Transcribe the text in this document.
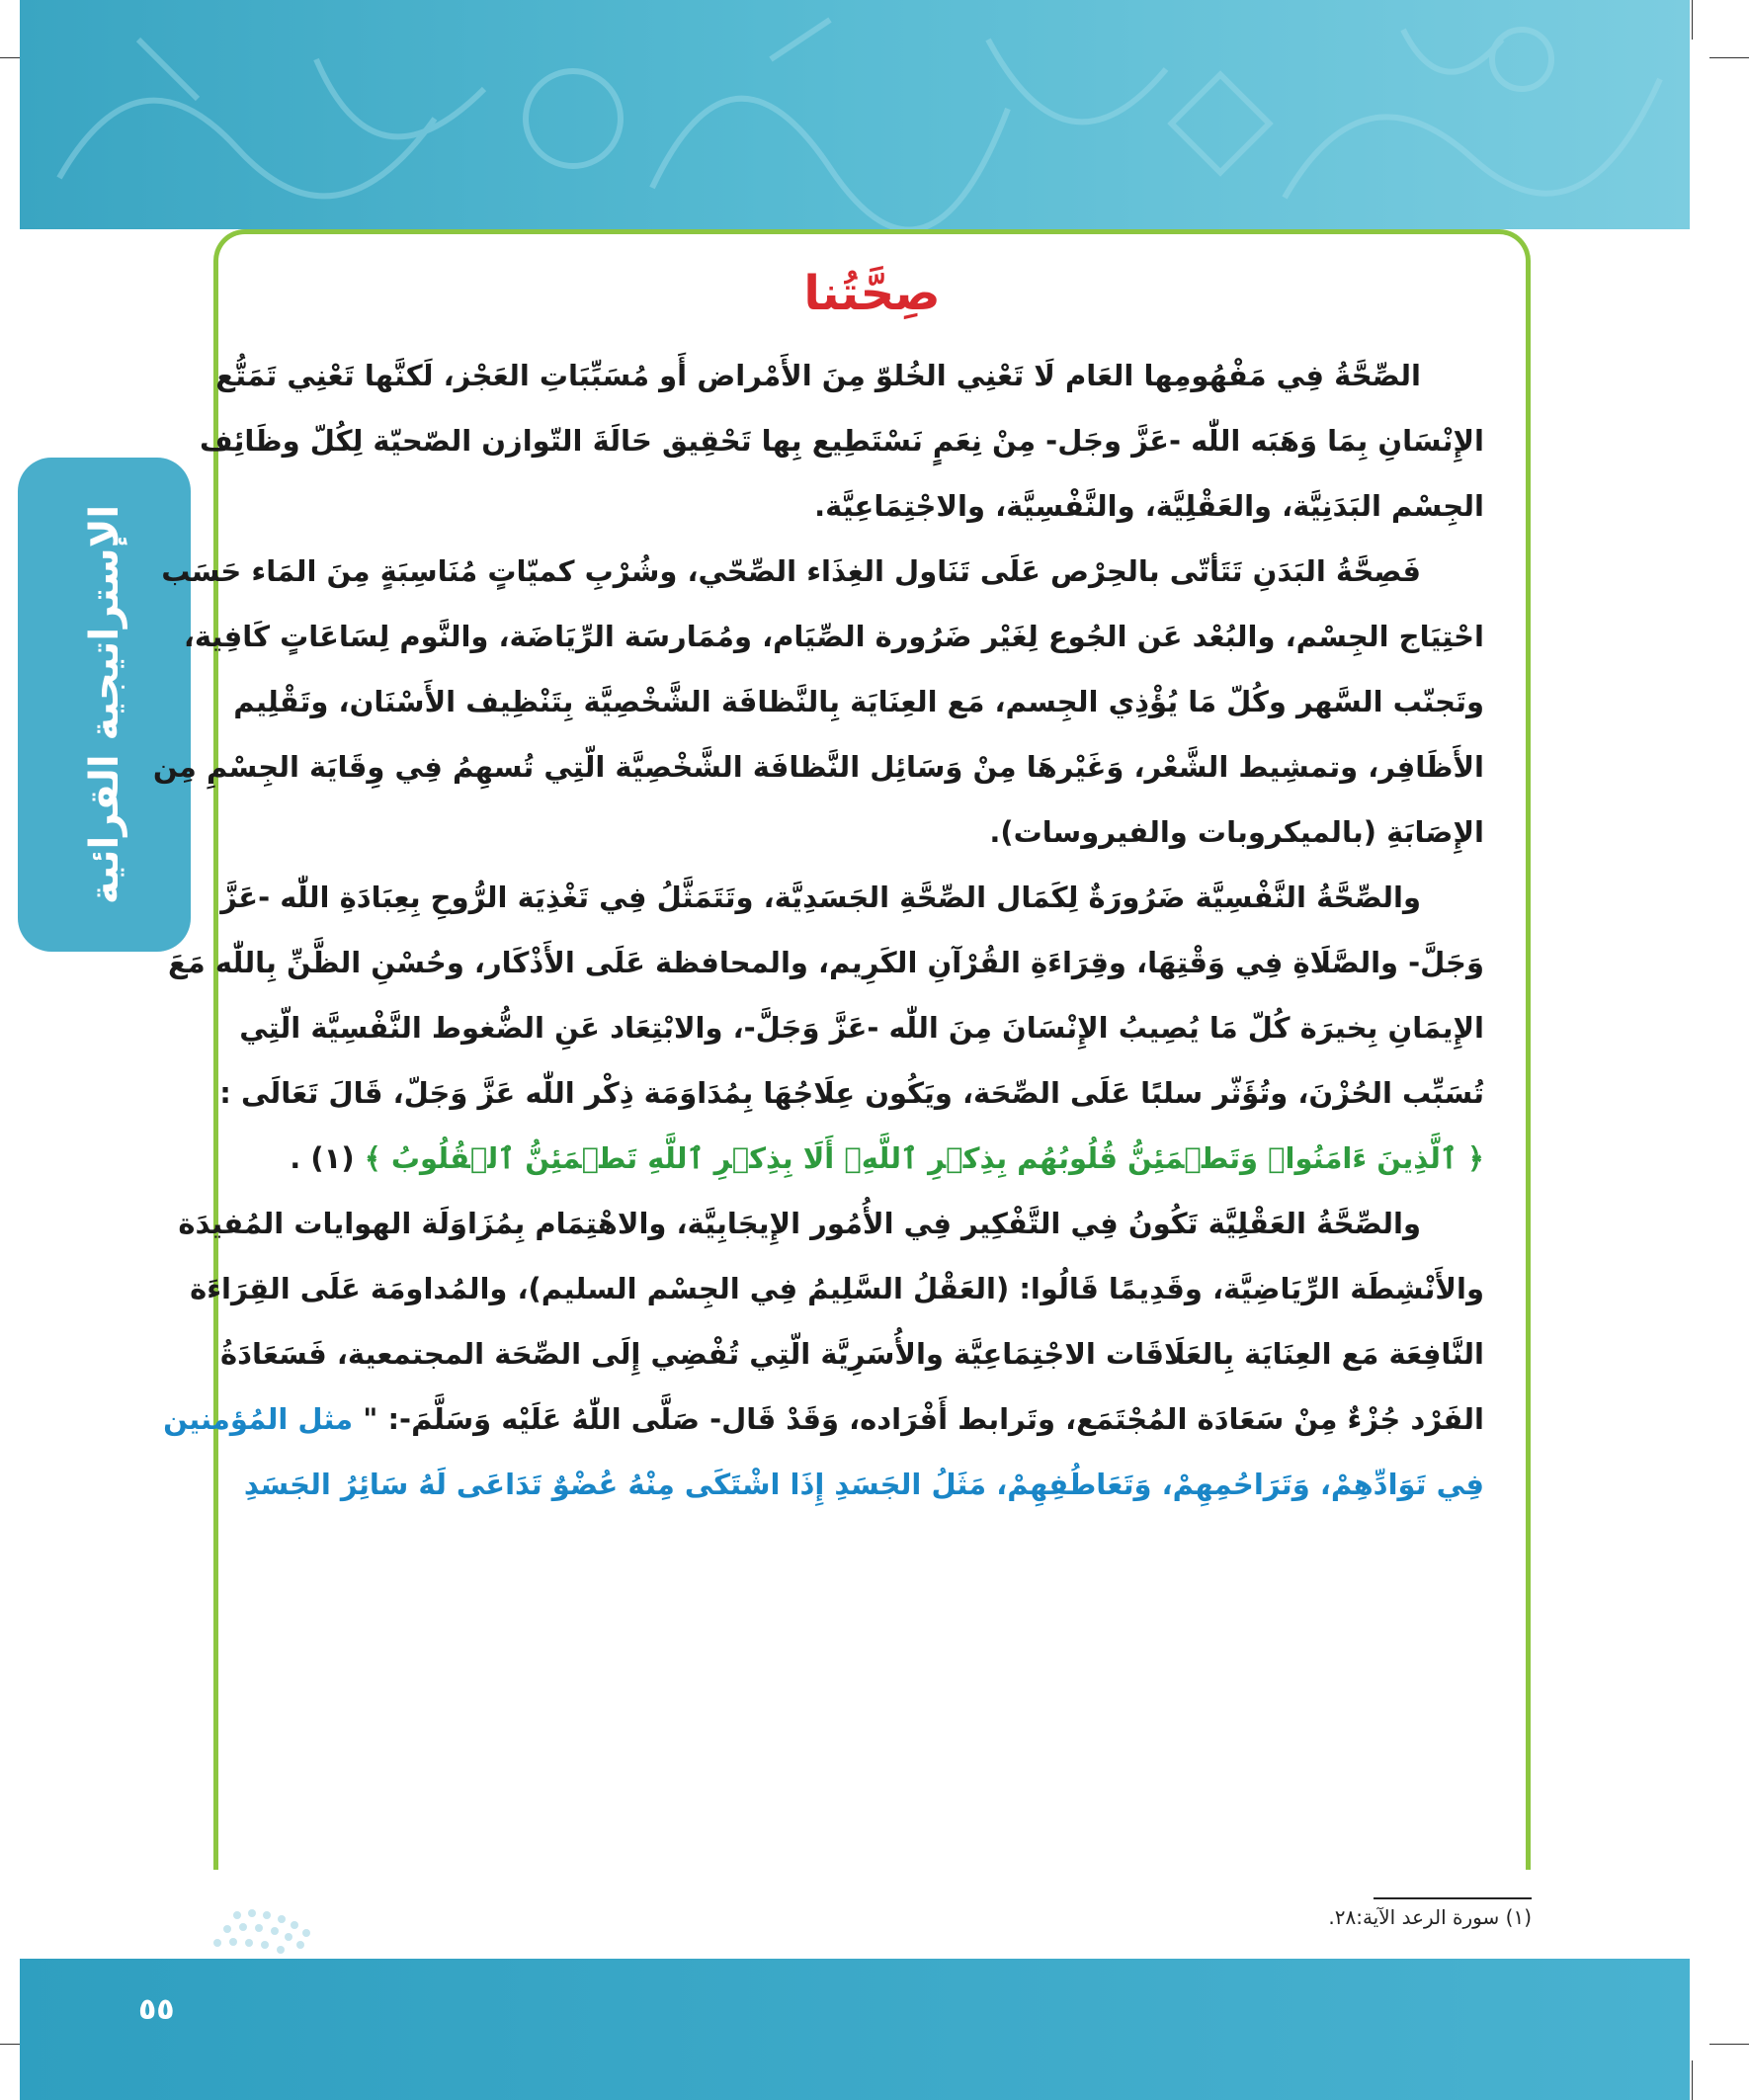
الإستراتيجية القرائية
صِحَّتُنا
الصِّحَّةُ فِي مَفْهُومِها العَام لَا تَعْنِي الخُلوّ مِنَ الأَمْراض أَو مُسَبِّبَاتِ العَجْز، لَكنَّها تَعْنِي تَمَتُّع
الإِنْسَانِ بِمَا وَهَبَه اللّٰه -عَزَّ وجَل- مِنْ نِعَمٍ نَسْتَطِيع بِها تَحْقِيق حَالَةَ التّوازن الصّحيّة لِكُلّ وظَائِف
الجِسْم البَدَنِيَّة، والعَقْلِيَّة، والنَّفْسِيَّة، والاجْتِمَاعِيَّة.
فَصِحَّةُ البَدَنِ تَتَأتّى بالحِرْص عَلَى تَنَاول الغِذَاء الصِّحّي، وشُرْبِ كميّاتٍ مُنَاسِبَةٍ مِنَ المَاء حَسَب
احْتِيَاج الجِسْم، والبُعْد عَن الجُوع لِغَيْر ضَرُورة الصِّيَام، ومُمَارسَة الرِّيَاضَة، والنَّوم لِسَاعَاتٍ كَافِية،
وتَجنّب السَّهر وكُلّ مَا يُؤْذِي الجِسم، مَع العِنَايَة بِالنَّظافَة الشَّخْصِيَّة بِتَنْظِيف الأَسْنَان، وتَقْلِيم
الأَظَافِر، وتمشِيط الشَّعْر، وَغَيْرهَا مِنْ وَسَائِل النَّظافَة الشَّخْصِيَّة الّتِي تُسهِمُ فِي وِقَايَة الجِسْمِ مِن
الإِصَابَةِ (بالميكروبات والفيروسات).
والصِّحَّةُ النَّفْسِيَّة ضَرُورَةٌ لِكَمَال الصِّحَّةِ الجَسَدِيَّة، وتَتَمَثَّلُ فِي تَغْذِيَة الرُّوحِ بِعِبَادَةِ اللّٰه -عَزَّ
وَجَلَّ- والصَّلَاةِ فِي وَقْتِهَا، وقِرَاءَةِ القُرْآنِ الكَرِيم، والمحافظة عَلَى الأَذْكَار، وحُسْنِ الظَّنِّ بِاللّٰه مَعَ
الإِيمَانِ بِخيرَة كُلّ مَا يُصِيبُ الإِنْسَانَ مِنَ اللّٰه -عَزَّ وَجَلَّ-، والابْتِعَاد عَنِ الضُّغوط النَّفْسِيَّة الّتِي
تُسَبِّب الحُزْنَ، وتُؤَثّر سلبًا عَلَى الصِّحَة، ويَكُون عِلَاجُهَا بِمُدَاوَمَة ذِكْر اللّٰه عَزَّ وَجَلّ، قَالَ تَعَالَى :
﴿ ٱلَّذِينَ ءَامَنُوا۟ وَتَطۡمَئِنُّ قُلُوبُهُم بِذِكۡرِ ٱللَّهِۗ أَلَا بِذِكۡرِ ٱللَّهِ تَطۡمَئِنُّ ٱلۡقُلُوبُ ﴾ (١) .
والصِّحَّةُ العَقْلِيَّة تَكُونُ فِي التَّفْكِير فِي الأُمُور الإِيجَابِيَّة، والاهْتِمَام بِمُزَاوَلَة الهوايات المُفيدَة
والأَنْشِطَة الرِّيَاضِيَّة، وقَدِيمًا قَالُوا: (العَقْلُ السَّلِيمُ فِي الجِسْم السليم)، والمُداومَة عَلَى القِرَاءَة
النَّافِعَة مَع العِنَايَة بِالعَلَاقَات الاجْتِمَاعِيَّة والأُسَرِيَّة الّتِي تُفْضِي إِلَى الصِّحَة المجتمعية، فَسَعَادَةُ
الفَرْد جُزْءٌ مِنْ سَعَادَة المُجْتَمَع، وتَرابط أَفْرَاده، وَقَدْ قَال- صَلَّى اللّٰهُ عَلَيْه وَسَلَّمَ-: " مثل المُؤمنين
فِي تَوَادِّهِمْ، وَتَرَاحُمِهِمْ، وَتَعَاطُفِهِمْ، مَثَلُ الجَسَدِ إِذَا اشْتَكَى مِنْهُ عُضْوٌ تَدَاعَى لَهُ سَائِرُ الجَسَدِ
(١) سورة الرعد الآية:٢٨.
٥٥
